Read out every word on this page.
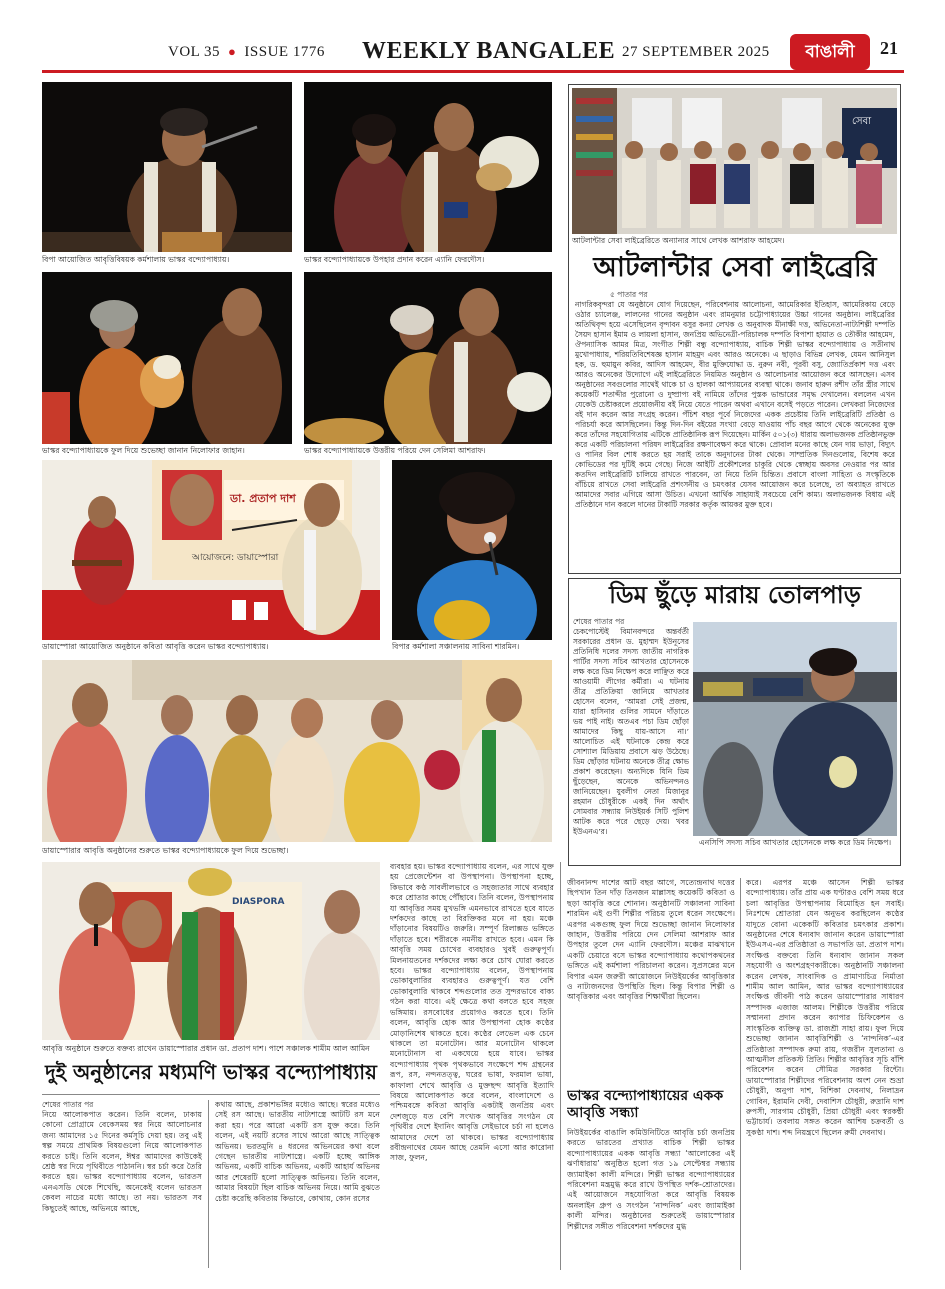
VOL 35 ● ISSUE 1776 WEEKLY BANGALEE 27 SEPTEMBER 2025	বাঙালী	21
বিপা আয়োজিত আবৃত্তিবিষয়ক কর্মশালায় ভাস্কর বন্দ্যোপাধ্যায়।	ভাস্কর বন্দ্যোপাধ্যায়কে উপহার প্রদান করেন এ্যানি ফেরদৌস।
সেবা
আটলান্টার সেবা লাইব্রেরিতে অন্যান্যর সাথে লেখক আশরাফ আহমেদ।
আটলান্টার সেবা লাইব্রেরি
৫ পাতার পর
নাগরিকবৃন্দরা যে অনুষ্ঠানে যোগ দিয়েছেন, পরিবেশনায় আলোচনা, আমেরিকার ইতিহাস, আমেরিকায় বেড়ে ওঠার চ্যালেঞ্জ, লালনের গানের অনুষ্ঠান এবং রামনুমার চট্টোপাধ্যায়ের উচ্চা গানের অনুষ্ঠান। লাইব্রেরির অতিথিবৃন্দ হয়ে এসেছিলেন বৃন্দাবন বসুর কন্যা লেখক ও অনুবাদক মীনাক্ষী দত্ত, অভিনেতা-নাট্যশিল্পী দম্পতি সৈয়দ হাসান ইমাম ও লায়লা হাসান, জনপ্রিয় অভিনেত্রী-পরিচালক দম্পতি বিপাশা হায়াত ও তৌকীর আহমেদ, ঔপন্যাসিক আমর মিত্র, সংগীত শিল্পী বন্ধু বন্দ্যোপাধ্যায়, বাচিক শিল্পী ভাস্কর বন্দ্যোপাধ্যায় ও সতীনাথ মুখোপাধ্যায়, শরিয়তিবিশেষজ্ঞ হাসান মাহমুদ এবং আরও অনেকে। এ ছাড়াও বিভিন্ন লেখক, যেমন আনিসুল হক, ড. হুমায়ুন কবির, আদিস আহমেদ, বীর মুক্তিযোদ্ধা ড. নুরুন নবী, পূরবী বসু, জ্যোতির্প্রকাশ দত্ত এবং আরও অনেকের উদ্যোগে এই লাইব্রেরিতে নিয়মিত অনুষ্ঠান ও আলোচনার আয়োজন করে আসছেন। এসব অনুষ্ঠানের সবগুলোর সাথেই থাকে চা ও হালকা আপ্যায়নের ব্যবস্থা থাকে। জনাব হারুন রশীদ তাঁর স্ত্রীর সাথে কয়েকটি শতাব্দীর পুরোনো ও দুষ্প্রাপ্য বই নামিয়ে তাঁদের পুস্তক ভান্ডারের সমৃদ্ধ দেখালেন। বললেন এখন যেকেউ চেষ্টাকরলে প্রয়োজনীয় বই নিয়ে যেতে পারেন অথবা এখানে বসেই পড়তে পারেন। লেখকরা নিজেদের বই দান করেন আর সংগ্রহ করেন। পঁচিশ বছর পূর্বে নিজেদের একক প্রচেষ্টায় তিনি লাইব্রেরিটি প্রতিষ্ঠা ও পরিচর্যা করে আসছিলেন। কিন্তু দিন-দিন বইয়ের সংখ্যা বেড়ে যাওয়ায় পাঁচ বছর আগে থেকে অনেকের যুক্ত করে তাঁদের সহযোগিতায় এটিকে প্রাতিষ্ঠানিক রূপ দিয়েছেন। মার্কিন ৫০১(৩) ধারায় অলাভজনক প্রতিষ্ঠানভুক্ত করে একটি পরিচালনা পরিষদ লাইব্রেরির রক্ষণাবেক্ষণ করে থাকে। প্রোবাল মনের কাছে যেন দায় ভাড়া, বিদ্যুৎ ও পানির বিল শোধ করতে হয় সরাই তাকে অনুদানের টাকা থেকে। সাম্প্রতিক দিনগুলোয়, বিশেষ করে কোভিডের পর দুটিই কমে গেছে। নিজে আইটি প্রকৌশলের চাকুরি থেকে স্বেচ্ছায় অবসর নেওয়ার পর আর কতদিন লাইব্রেরিটি চালিয়ে রাখতে পারবেন, তা নিয়ে তিনি চিন্তিত। প্রবাসে বাংলা সাহিত্য ও সংস্কৃতিকে বাঁচিয়ে রাখতে সেবা লাইব্রেরি প্রশংসনীয় ও চমৎকার যেসব আয়োজন করে চলেছে, তা অব্যাহত রাখতে আমাদের সবার এগিয়ে আসা উচিত। এখনো আর্থিক সাহায্যই সবচেয়ে বেশি কাম্য। অলাভজনক বিধায় এই প্রতিষ্ঠানে দান করলে দানের টাকাটি সরকার কর্তৃক আয়কর মুক্ত হবে।
ভাস্কর বন্দ্যোপাধ্যায়কে ফুল দিয়ে শুভেচ্ছা জানান নিলোফার জাহান।	ভাস্কর বন্দ্যোপাধ্যায়কে উত্তরীয় পরিয়ে দেন সেলিমা আশরাফ।
ডা. প্রতাপ দাশ
আয়োজনে: ডায়াস্পোরা
ডায়াস্পোরা আয়োজিত অনুষ্ঠানে কবিতা আবৃত্তি করেন ভাস্কর বন্দ্যোপাধ্যায়।	বিপার কর্মশালা সঞ্চালনায় সাবিনা শারমিন।
ডায়াস্পোরার আবৃত্তি অনুষ্ঠানের শুরুতে ভাস্কর বন্দ্যোপাধ্যায়কে ফুল দিয়ে শুভেচ্ছা।
ডিম ছুঁড়ে মারায় তোলপাড়
শেষের পাতার পর
চেকপোস্টেই বিমানবন্দরে অন্তর্বর্তী সরকারের প্রধান ড. মুহাম্মদ ইউনূসের প্রতিনিধি দলের সদস্য জাতীয় নাগরিক পার্টির সদস্য সচিব আখতার হোসেনকে লক্ষ করে ডিম নিক্ষেপ করে লাঞ্ছিত করে আওয়ামী লীগের কর্মীরা। এ ঘটনায় তীব্র প্রতিক্রিয়া জানিয়ে আখতার হোসেন বলেন, ‘আমরা সেই প্রজন্ম, যারা হাসিনার গুলির সামনে দাঁড়াতে ভয় পাই নাই। অতএব পচা ডিম ছোঁড়া আমাদের কিছু যায়-আসে না।’ আলোচিত এই ঘটনাকে কেন্দ্র করে সোশ্যাল মিডিয়ায় প্রবাসে ঝড় উঠেছে। ডিম ছোঁড়ার ঘটনায় অনেকে তীব্র ক্ষোভ প্রকাশ করেছেন। অন্যদিকে যিনি ডিম ছুঁড়েছেন, অনেকে অভিনন্দনও জানিয়েছেন। যুবলীগ নেতা মিজানুর রহমান চৌধুরীকে একই দিন অর্থাৎ সোমবার সন্ধ্যায় নিউইয়র্ক সিটি পুলিশ আটক করে পরে ছেড়ে দেয়। খবর ইউএনএ’র।
এনসিপি সদস্য সচিব আখতার হোসেনকে লক্ষ করে ডিম নিক্ষেপ।
DIASPORA
আবৃত্তি অনুষ্ঠানে শুরুতে বক্তব্য রাখেন ডায়াস্পোরার প্রধান ডা. প্রতাপ দাশ। পাশে সঞ্চালক শামীম আল আমিন
দুই অনুষ্ঠানের মধ্যমণি ভাস্কর বন্দ্যোপাধ্যায়
শেষের পাতার পর
নিয়ে আলোকপাত করেন। তিনি বলেন, ঢাকায় কোনো প্রোগ্রামে বেকেসময় স্বর নিয়ে আলোচনার জন্য আমাদের ১৫ দিনের কর্মসূচি দেয়া হয়। তবু এই স্বল্প সময়ে প্রাথমিক বিষয়গুলো নিয়ে আলোকপাত করতে চাই। তিনি বলেন, ঈশ্বর আমাদের কাউকেই শ্রেষ্ঠ স্বর দিয়ে পৃথিবীতে পাঠাননি। স্বর চর্চা করে তৈরি করতে হয়। ভাস্কর বন্দ্যোপাধ্যায় বলেন, ভারতস এনএসডি থেকে শিখেছি, অনেকেই বলেন ভারতস কেবল নাচের মধ্যে আছে। তা নয়। ভারতস সব কিছুতেই আছে, অভিনয়ে আছে,
কথায় আছে, প্রকাশভঙ্গির মধ্যেও আছে। স্বরের মধ্যেও সেই রস আছে। ভারতীয় নাট্যশাস্ত্রে আটটি রস মনে করা হয়। পরে আরো একটি রস যুক্ত করে। তিনি বলেন, এই নয়টি রসের সাথে আরো আছে সাত্ত্বিক অভিনয়। ভরতমুনি ৪ ধরনের অভিনয়ের কথা বলে গেছেন ভারতীয় নাট্যশাস্ত্রে। একটি হচ্ছে আঙ্গিক অভিনয়, একটি বাচিক অভিনয়, একটি আহার্য অভিনয় আর শেষেরটি হলো সাত্ত্বিক অভিনয়। তিনি বলেন, আমার বিষয়টা ছিল বাচিক অভিনয় নিয়ে। আমি বুঝতে চেষ্টা করেছি কবিতায় কিভাবে, কোথায়, কোন রসের
ব্যবহার হয়। ভাস্কর বন্দ্যোপাধ্যায় বলেন, এর সাথে যুক্ত হয় প্রেজেন্টেশন বা উপস্থাপনা। উপস্থাপনা হচ্ছে, কিভাবে কণ্ঠ সাবলীলভাবে ও সহজ্যতার সাথে ব্যবহার করে শ্রোতার কাছে পৌঁছাবে। তিনি বলেন, উপস্থাপনায় যা আবৃত্তির সময় মুখভঙ্গি এমনভাবে রাখতে হবে যাতে দর্শকদের কাছে তা বিরক্তিকর মনে না হয়। মঞ্চে দাঁড়ানোর বিষয়টিও জরুরি। সম্পূর্ণ রিলাক্সড ভঙ্গিতে দাঁড়াতে হবে। শরীরকে নমনীয় রাখতে হবে। এমন কি আবৃত্তি সময় চোখের ব্যবহারও খুবই গুরুত্বপূর্ণ। মিলনায়তনের দর্শকদের লক্ষ্য করে চোখ ঘোরা করতে হবে। ভাস্কর বন্দ্যোপাধ্যায় বলেন, উপস্থাপনায় ভোকাবুলারির ব্যবহারও গুরুত্বপূর্ণ। যত বেশি ভোকাবুলারি থাকবে শব্দগুলোর তত সুন্দরভাবে বাক্য গঠন করা যাবে। এই ক্ষেত্রে কথা বলতে হবে সহজ ভঙ্গিমায়। রসবোধের প্রয়োগও করতে হবে। তিনি বলেন, আবৃত্তি হোক আর উপস্থাপনা হোক কণ্ঠের মোড়ানিশেষ থাকতে হবে। কণ্ঠের লেভেল এক চেনে থাকলে তা মনোটোন। আর মনোটোন থাকলে মনোটোনাস বা একঘেয়ে হয়ে যাবে। ভাস্কর বন্দ্যোপাধ্যায় পৃথক পৃথকভাবে সংক্ষেপে শব্দ গ্রন্থনের রূপ, রস, নন্দনতত্ত্ব, ঘরের ভাষা, ফরমাল ভাষা, কাফালা শেখে আবৃত্তি ও মুক্তছন্দ আবৃত্তি ইত্যাদি বিষয়ে আলোকপাত করে বলেন, বাংলাদেশে ও পশ্চিমবঙ্গে কবিতা আবৃত্তি একটাই জনপ্রিয় এবং দেশজুড়ে যত বেশি সংখ্যক আবৃত্তির সংগঠন যে পৃথিবীর দেশে ইদানিং আবৃত্তি সেইভাবে চর্চা না হলেও আমাদের দেশে তা থাকবে। ভাস্কর বন্দ্যোপাধ্যায় রবীন্দ্রনাথের যেমন আছে তেমনি এসো আর কারোনা সাজ, ফুলন,
জীবনানন্দ দাশের আট বছর আগে, সত্যেন্দ্রনাথ দত্তের ছিপখান তিন দাঁড় তিনজন মাল্লাসহ কয়েকটি কবিতা ও ছড়া আবৃত্তি করে শোনান। অনুষ্ঠানটি সঞ্চালনা সাবিনা শারমিন এই গুণী শিল্পীর পরিচয় তুলে ধরেন সংক্ষেপে। এরপর একগুচ্ছ ফুল দিয়ে শুভেচ্ছা জানান নিলোফার জাহান, উত্তরীয় পরিয়ে দেন সেলিমা আশরাফ আর উপহার তুলে দেন এ্যানি ফেরদৌস। মঞ্চের মাঝখানে একটি চেয়ারে বসে ভাস্কর বন্দ্যোপাধ্যায় কথোপকথনের ভঙ্গিতে এই কর্মশালা পরিচালনা করেন। সুপ্রসন্নের মনে বিপার এমন জরুরী আয়োজনে নিউইয়র্কের আবৃত্তিকার ও নাট্যজনদের উপস্থিতি ছিল। কিন্তু বিপার শিল্পী ও আবৃত্তিকার এবং আবৃত্তির শিক্ষার্থীরা ছিলেন।
ভাস্কর বন্দ্যোপাধ্যায়ের একক আবৃত্তি সন্ধ্যা
নিউইয়র্কের বাঙালি কমিউনিটিতে আবৃত্তি চর্চা জনপ্রিয় করতে ভারতের প্রখ্যাত বাচিক শিল্পী ভাস্কর বন্দ্যোপাধ্যায়ের একক আবৃত্তি সন্ধ্যা ‘আলোকের এই ঝর্ণাধারায়’ অনুষ্ঠিত হলো গত ১৯ সেপ্টেম্বর সন্ধ্যায় জ্যামাইকা কালী মন্দিরে। শিল্পী ভাস্কর বন্দ্যোপাধ্যায়ের পরিবেশনা মন্ত্রমুগ্ধ করে রাখে উপস্থিত দর্শক-শ্রোতাদের। এই আয়োজনে সহযোগিতা করে আবৃত্তি বিষয়ক অনলাইন গ্রুপ ও সংগঠন ‘নান্দনিক’ এবং জ্যামাইকা কালী মন্দির। অনুষ্ঠানের শুরুতেই ডায়াস্পোরার শিল্পীদের সঙ্গীত পরিবেশনা দর্শকদের মুগ্ধ
করে। এরপর মঞ্চে আসেন শিল্পী ভাস্কর বন্দ্যোপাধ্যায়। তাঁর প্রায় এক ঘণ্টারও বেশি সময় ধরে চলা আবৃত্তির উপস্থাপনায় বিমোহিত হন সবাই। নিঃশব্দে শ্রোতারা যেন অনুভব করছিলেন কণ্ঠের যাদুতে বোনা একেকটি কবিতার চমৎকার প্রকাশ। অনুষ্ঠানের শেষে ধন্যবাদ জানান করেন ডায়াস্পোরা ইউএসএ-এর প্রতিষ্ঠাতা ও সভাপতি ডা. প্রতাপ দাশ। সংক্ষিপ্ত বক্তব্যে তিনি ধন্যবাদ জানান সকল সহযোগী ও অংশগ্রহণকারীকে। অনুষ্ঠানটি সঞ্চালনা করেন লেখক, সাংবাদিক ও প্রামাণ্যচিত্র নির্মাতা শামীম আল আমিন, আর ভাস্কর বন্দ্যোপাধ্যায়ের সংক্ষিপ্ত জীবনী পাঠ করেন ডায়াস্পোরার সাধারণ সম্পাদক এজাজ আলম। শিল্পীকে উত্তরীয় পরিয়ে সম্মাননা প্রদান করেন ক্যাপার চিফিকেশন ও সাংস্কৃতিক ব্যক্তিত্ব ডা. রাজশ্রী সাহা রায়। ফুল দিয়ে শুভেচ্ছা জানান আবৃত্তিশিল্পী ও ‘নান্দনিক’-এর প্রতিষ্ঠাতা সম্পাদক রুমা রায়, গজরীন সুলতানা ও আত্মনীল প্রতিকস্ট প্রিতি। শিল্পীর আবৃত্তির সূচি বাঁশি পরিবেশন করেন সৌমিত্র সরকার রিন্টো। ডায়াস্পোরার শিল্পীদের পরিবেশনায় অংশ নেন শুভ্রা চৌধুরী, অনুপা দাশ, বিশিকা দেবনাথ, নিলাদ্রন গোবিন, ইরামনি দেবী, দেবাশিস চৌধুরী, রুদ্রানি দাশ রুপসী, সারগাম চৌধুরী, প্রিয়া চৌধুরী এবং স্বরকন্ঠী ভট্টাচার্য। তবলায় সঙ্গত করেন আশিষ চক্রবর্তী ও সুকণ্ঠা দাশ। শব্দ নিয়ন্ত্রণে ছিলেন রুমী দেবনাথ।
